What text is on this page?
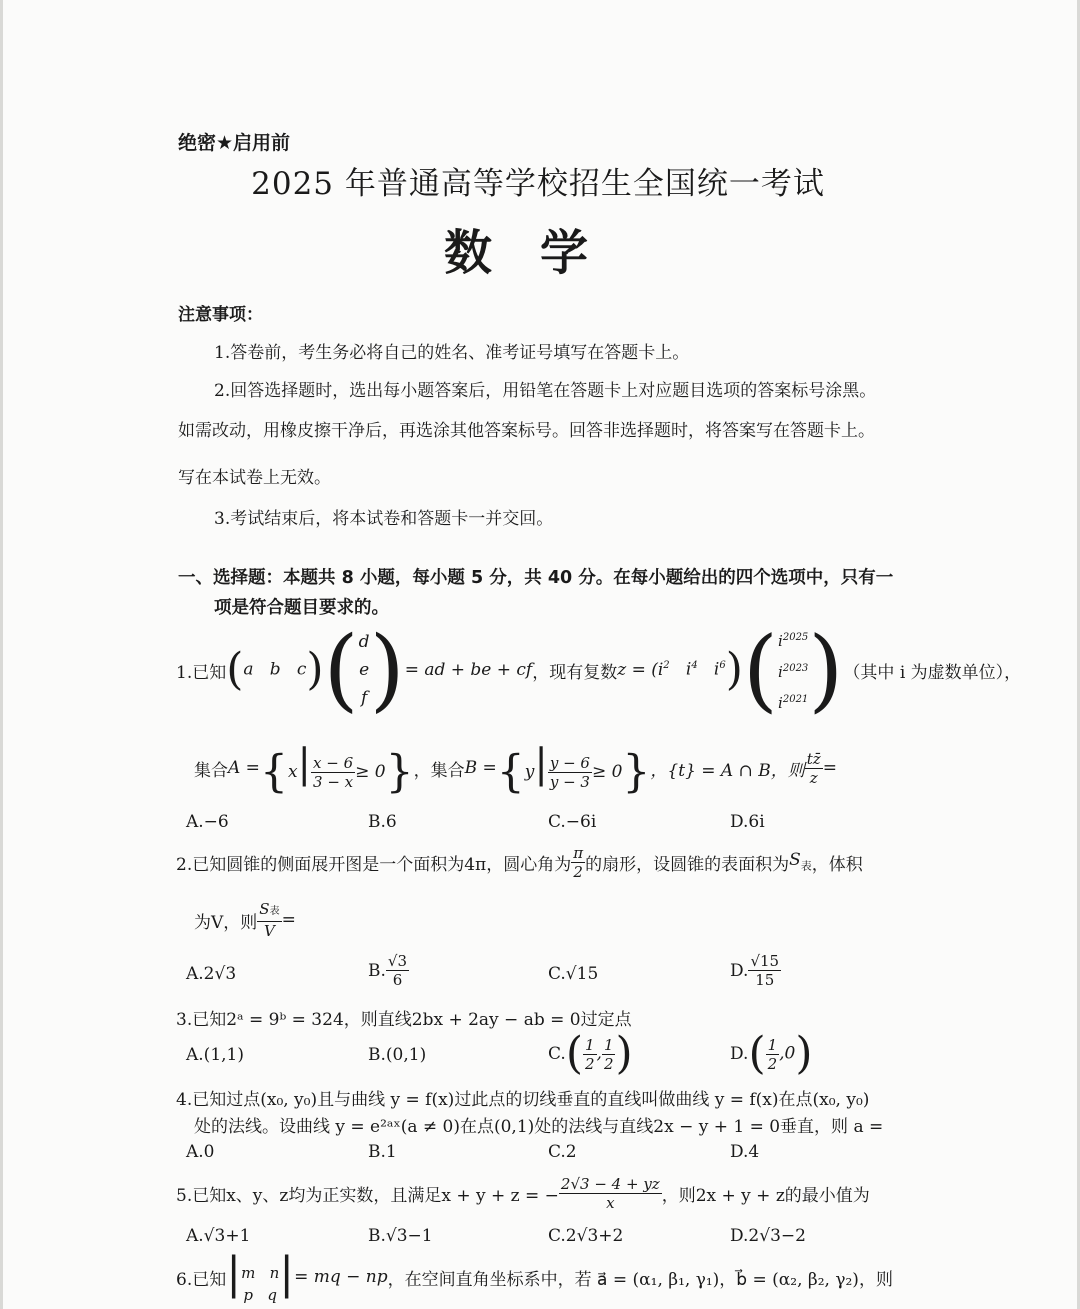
绝密★启用前
2025 年普通高等学校招生全国统一考试
数学
注意事项：
1.答卷前，考生务必将自己的姓名、准考证号填写在答题卡上。
2.回答选择题时，选出每小题答案后，用铅笔在答题卡上对应题目选项的答案标号涂黑。
如需改动，用橡皮擦干净后，再选涂其他答案标号。回答非选择题时，将答案写在答题卡上。
写在本试卷上无效。
3.考试结束后，将本试卷和答题卡一并交回。
一、选择题：本题共 8 小题，每小题 5 分，共 40 分。在每小题给出的四个选项中，只有一
项是符合题目要求的。
1.已知 (a   b   c) (d
e
f) = ad + be + cf ，现有复数 z = (i $^2$   $i^4$   $i^6$) ($i^{2025}$
$i^{2023}$
$i^{2021}$) （其中 i 为虚数单位），
集合 $A = \{x| \frac{x - 6}{3 - x} \ge 0\}$ ，集合 $B = \{y| \frac{y - 6}{y - 3} \ge 0\}$ ，{t} = A ∩ B，则 $\frac{tz̄}{z}$ =
A.−6	B.6	C.−6i	D.6i
2.已知圆锥的侧面展开图是一个面积为4π，圆心角为 $\frac{\pi}{2}$ 的扇形，设圆锥的表面积为 $S_表$ ，体积
为V，则 $\frac{\text{S表}}{V}$ =
A.2√3	B. $\frac{√3}{6}$	C.√15	D. $\frac{√15}{15}$
3.已知2ᵃ = 9ᵇ = 324，则直线2bx + 2ay − ab = 0过定点
A.(1,1)	B.(0,1)	C. ( $\frac{1}{2}$ , $\frac{1}{2}$ )	D. ( $\frac{1}{2} ,0$)
4.已知过点(x₀, y₀)且与曲线 y = f(x)过此点的切线垂直的直线叫做曲线 y = f(x)在点(x₀, y₀)
处的法线。设曲线 y = e²ᵃˣ(a ≠ 0)在点(0,1)处的法线与直线2x − y + 1 = 0垂直，则 a =
A.0	B.1	C.2	D.4
5.已知x、y、z均为正实数，且满足x + y + z = − $\frac{2√3 - 4 + yz}{x}$ ，则2x + y + z的最小值为
A.√3+1	B.√3−1	C.2√3+2	D.2√3−2
6.已知 |m   n
p   q| = mq − np ，在空间直角坐标系中，若 a⃗ = (α₁, β₁, γ₁)，b⃗ = (α₂, β₂, γ₂)，则
